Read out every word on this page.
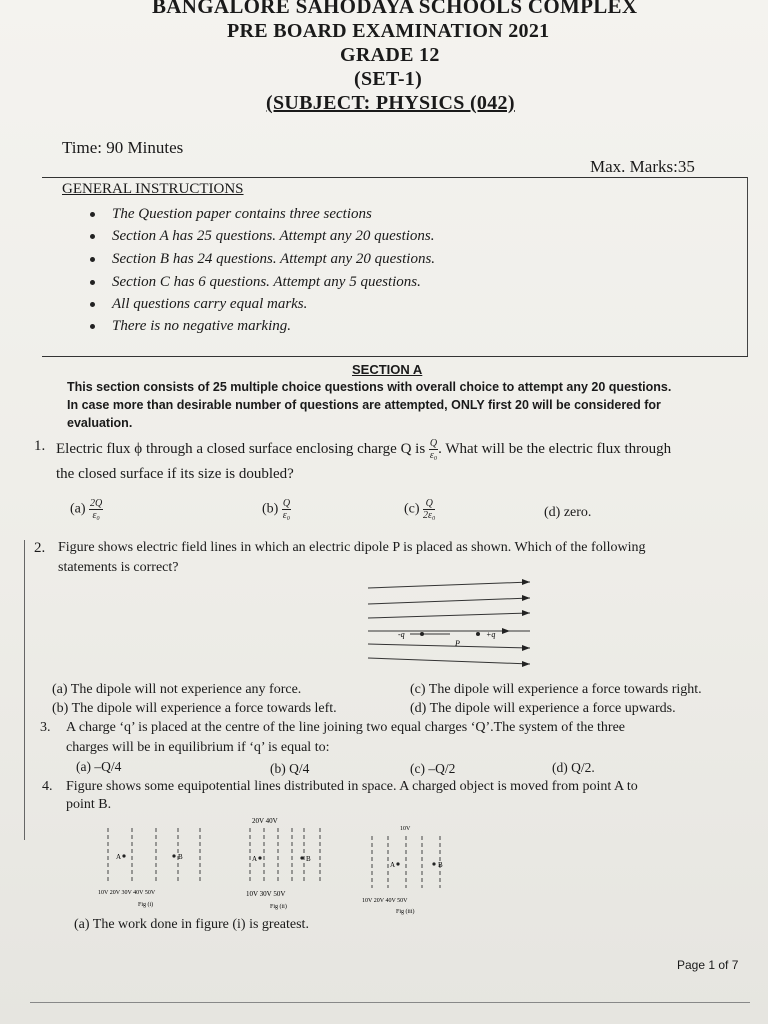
BANGALORE SAHODAYA SCHOOLS COMPLEX
PRE BOARD EXAMINATION 2021
GRADE 12
(SET-1)
(SUBJECT: PHYSICS (042)
Time: 90 Minutes
Max. Marks:35
GENERAL INSTRUCTIONS
The Question paper contains three sections
Section A has 25 questions. Attempt any 20 questions.
Section B has 24 questions. Attempt any 20 questions.
Section C has 6 questions. Attempt any 5 questions.
All questions carry equal marks.
There is no negative marking.
SECTION A
This section consists of 25 multiple choice questions with overall choice to attempt any 20 questions.
In case more than desirable number of questions are attempted, ONLY first 20 will be considered for
evaluation.
1. Electric flux ϕ through a closed surface enclosing charge Q is $\frac{Q}{\text{ε₀}}$ . What will be the electric flux through
the closed surface if its size is doubled?
$(a) \frac{2Q}{\text{ε₀}}$	$(b) \frac{Q}{\text{ε₀}}$	$(c) \frac{Q}{\text{2ε₀}}$	(d) zero.
2. Figure shows electric field lines in which an electric dipole P is placed as shown. Which of the following
statements is correct?
-q	+q
P
(a) The dipole will not experience any force.	(c) The dipole will experience a force towards right.
(b) The dipole will experience a force towards left.	(d) The dipole will experience a force upwards.
3. A charge ‘q’ is placed at the centre of the line joining two equal charges ‘Q’.The system of the three
charges will be in equilibrium if ‘q’ is equal to:
(a) –Q/4	(b) Q/4	(c) –Q/2	(d) Q/2.
4. Figure shows some equipotential lines distributed in space. A charged object is moved from point A to
point B.
A	B
10V 20V 30V 40V 50V
Fig (i)
20V 40V
A	B
10V 30V 50V
Fig (ii)
10V
A	B
10V 20V 40V 50V
Fig (iii)
(a) The work done in figure (i) is greatest.
Page 1 of 7
